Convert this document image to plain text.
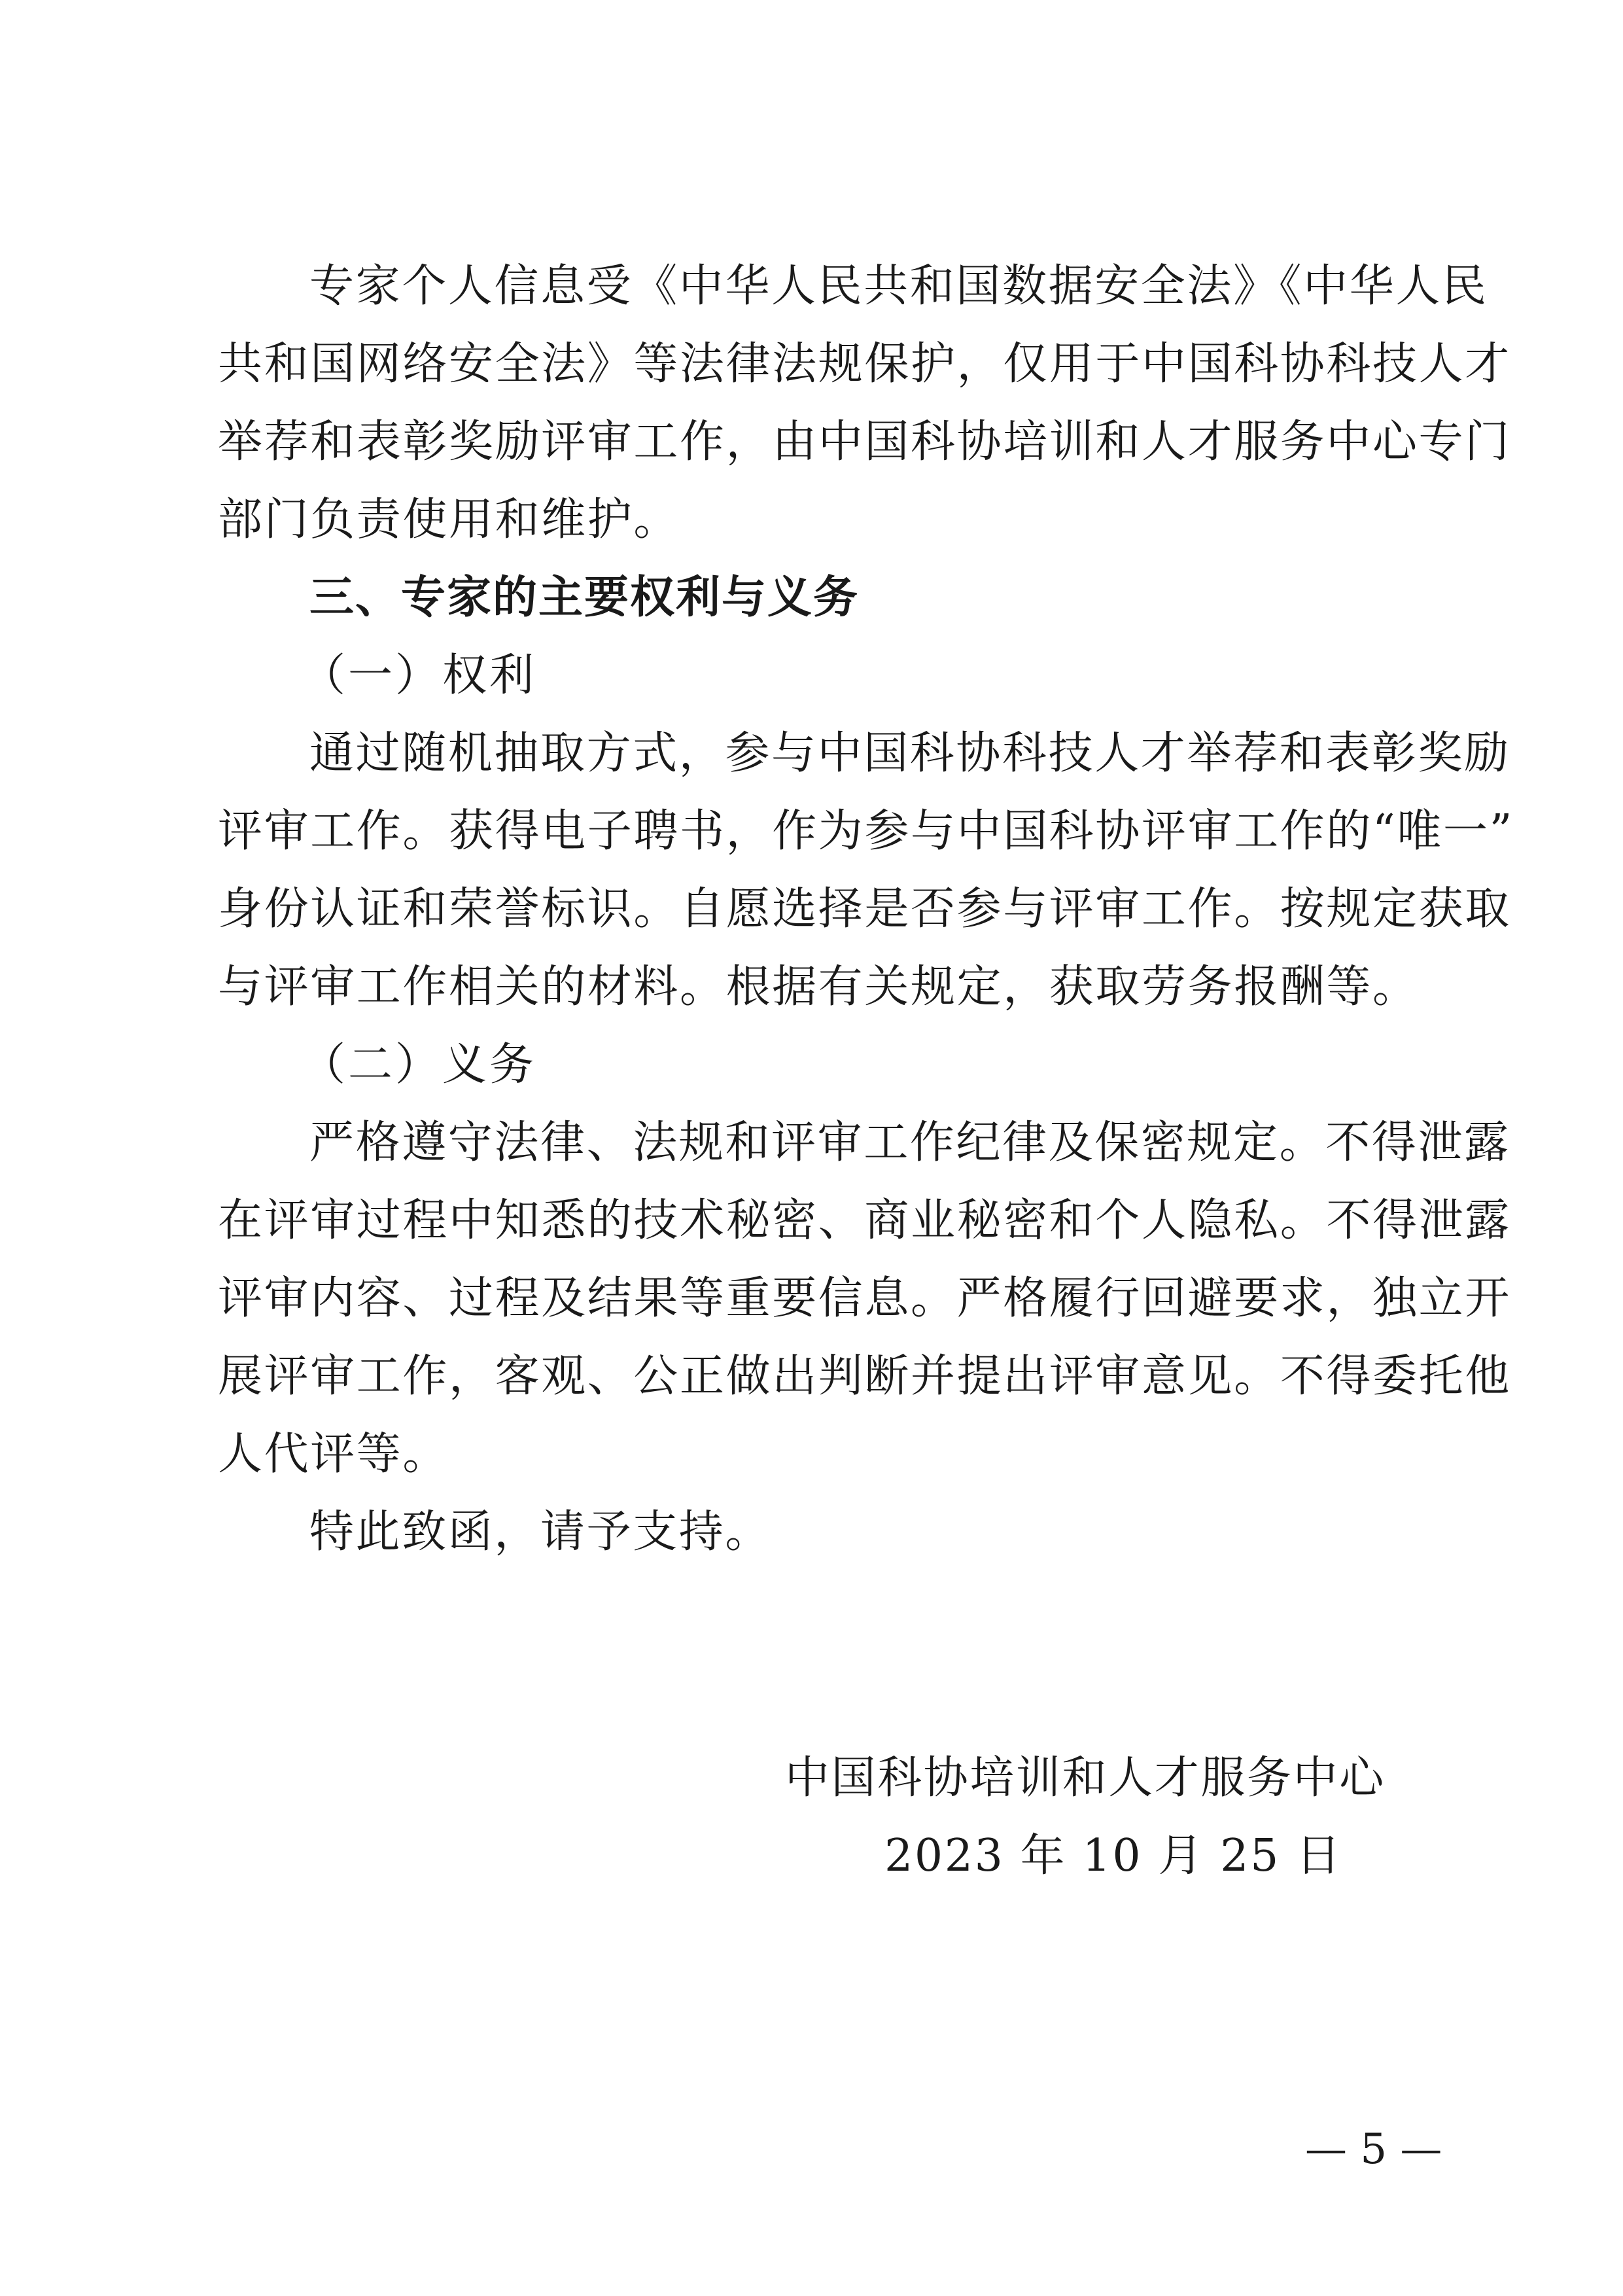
专家个人信息受《中华人民共和国数据安全法》《中华人民

共和国网络安全法》等法律法规保护，仅用于中国科协科技人才

举荐和表彰奖励评审工作，由中国科协培训和人才服务中心专门

部门负责使用和维护。

三、专家的主要权利与义务

（一）权利

通过随机抽取方式，参与中国科协科技人才举荐和表彰奖励

评审工作。获得电子聘书，作为参与中国科协评审工作的“唯一”

身份认证和荣誉标识。自愿选择是否参与评审工作。按规定获取

与评审工作相关的材料。根据有关规定，获取劳务报酬等。

（二）义务

严格遵守法律、法规和评审工作纪律及保密规定。不得泄露

在评审过程中知悉的技术秘密、商业秘密和个人隐私。不得泄露

评审内容、过程及结果等重要信息。严格履行回避要求，独立开

展评审工作，客观、公正做出判断并提出评审意见。不得委托他

人代评等。

特此致函，请予支持。

中国科协培训和人才服务中心
2023 年 10 月 25 日
— 5 —
